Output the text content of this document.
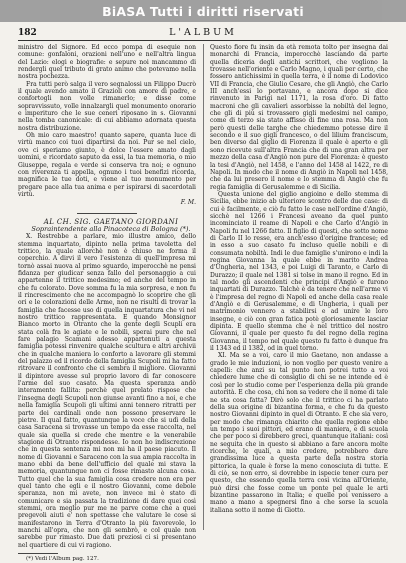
BiASA Tutti i diritti riservati
182	L'ALBUM

ministro del Signore. Ed ecco pompa di esequie non comune: gonfaloni, orazioni nell'uno e nell'altra lingua del Lazio: elogi e biografie: e sepure noi mancammo di rendergli quel tributo di grato animo che potevamo nella nostra pochezza.

Fra tutti però salga il vero segnalossi un Filippo Ducrò il quale avendo amato il Grazioli con amore di padre, e confortogli non volle rimanerlo; e disse come sopravvissuto, volle innalzargli quel monumento onorario e imperituro che le sue ceneri riposano in s. Giovanni nella tomba canonicale: di cui abbiamo adornata questa nostra distribuzione.

Oh mio caro maestro! quanto sapere, quanta luce di virtù manco coi tuoi dipartirsi da noi. Pur se nel cielo, ove ci speriamo giunto, è dolce l'essere amato dagli uomini, e ricordato saputo da essi, la tua memoria, o mio Giuseppe, regala e verde si conserva tra noi; e ognuno con riverenza ti appella, ognuno i tuoi benefizi ricorda, magnifica le tue doti, e viene al tuo monumento per pregare pace alla tua anima e per ispirarsi di sacerdotali virtù.

F. M.

AL CH. SIG. GAETANO GIORDANI

Sopraintendente alla Pinacoteca di Bologna (*).

X. Restrebbe a parlare, mio illustre amico, dello stemma inquartato, dipinto nella prima tavoletta del trittico, la quale allorchè non è chiuso ne forma il coperchio. A dirvi il vero l'esistenza di quell'impresa mi tornò assai nuova al primo sguardo, imperocchè ne pensi fidanza per giudicar senza fallo del personaggio a cui appartenne il trittico medesimo; ed anche del tempo in che fu colorato. Dove somma fu la mia sorpresa, e non fu il rincrescimento che ne accompagnò lo scoprire che gli ori e le colorazioni delle Arme, non ne risulti di trovar la famiglia che facesse uso di quella inquartatura che vi nel nostro trittico rappresentata. E quando Monsignor Bianco morto in Otranto che la gente degli Scupli era stata colà fra le agiate e le nobili, sperai pure che nel fare palagio Scamani adesso appartenuti a questa famiglia potessi rinvenire qualche scultura e altri archivii che in qualche maniera lo conforto a lavorare gli stemmi del palazzo ed il ricordo della famiglia Scupoli mi ha fatto ritrovare il confronto che ci sembra il migliore. Giovanni il dipintore avesse sul proprio lavoro di far conoscere l'arme del suo casato. Ma questa speranza andò interamente fallita: perchè quel prelato rispose che l'insegna degli Scupoli non giunse avanti fino a noi, e che nella famiglia Scupoli gli ultimi anni tennero ritratti per parte dei cardinali onde non possono preservare le pietre. Il qual fatto, quantunque la voce che si udì della casa Saracena si trovasse un tempo da esse raccolta, nel quale sia quella si crede che mentre e la venerabile stagione di Otranto rispondesse. Io non ho indiscrezione che in questa sentenza mi non mi ha il paese piacuto. Il nome di Giovanni e Saraceno con la sua ampia raccolta in mano ebbi da bene dell'ufficio del quale mi stava la memoria, quantunque non ci fosse rimasto alcuna cosa. Tutto quel che la sua famiglia cosa credere non era per quel tanto che egli e il nostro Giovanni, come debole speranza, non mi avete, non invece mi è stato di comunicare e sia passata la tradizione di dare quei così stemmi, ora meglio pur me ne parve come che a quei pregevoli aiuti e' non spettasse che valutare le cose si manifestarono in Terra d'Otranto la più favorevole, lo manchi all'opra, che non gli sembrò, e col quale non sarebbe pur rimasto. Due dati preziosi ci si presentano nel quartiere di cui vi ragiono.

(*) Vedi l'Album pag. 127.

Questo fiore fu insin da età remota tolto per insegna dai monarchi di Francia, imperocchè lasciando da parte quella diceria degli antichi scrittori, che vogliono la trovasse nell'oriente e Carlo Magno, i quali per certo, che fossero antichissimi in quella terra, è il nome di Lodovico VII di Francia, che Giulio Cesare, che gli Angiò, che Carlo III anch'essi lo portavano, e ancora dopo si dice rinvenuto in Parigi nel 1171, la rosa d'oro. Di fatto macroni che gli cavalieri assorbisse la nobiltà del legno, che gli di più si trovassero gigli medesimi nel campo, come di terzo sia stato affisso di fine una rosa. Ma non però questi delle targhe che chiedemmo potesse dire il secondo e il suo gigli francesco, o del lilium franciscum, ben diverso dal giglio di Fiorenza il quale è aperto e gli sono ricevute sull'altra Francia che di una gran altra per mezzo della casa d'Angiò non pure del Fiorenza: è questo la tesi d'Angiò, nel 1458, e l'anno del 1458 al 1422, re di Napoli. In modo che il nome di Angiò in Napoli nel 1458, che da lui presero il nome e lo stemma di Angiò che fu regia famiglia di Gerusalemme e di Sicilia.

Questa unione del giglio angioino e dello stemma di Sicilia, ebbe inizio ab ulteriore scontro delle due case: di cui è facilmente, e ciò fu fatto le case nell'ordine d'Angiò, sicchè nel 1266 i Francesi aveano da quel punto incominciato il reame di Napoli e che Carlo d'Angiò in Napoli fu nel 1266 fatto. Il figlio di questi, che sotto nome di Carlo II lo resse, era anch'esso d'origine francese; ed in esso a suo casato fu incluso quelle nobili e di consumata nobiltà. Indi le due famiglie s'unirono e indi la regina Giovanna la quale ebbe in marito Andrea d'Ungheria, nel 1343, e poi Luigi di Taranto, e Carlo di Durazzo; il quale nel 1381 si tolse in mano il regno. Ed in tal modo gli ascendenti che principi d'Angiò e furono inquartati di Durazzo. Talchè è da tenere che nell'arme vi è l'impresa del regno di Napoli ed anche della casa reale d'Angiò e di Gerusalemme, e di Ungheria, i quali per matrimonio vennero a stabilirsi e ad unire le loro insegne, e ciò con gran fatica potè gloriosamente lasciar dipinta. E quello stemma che è nel trittico del nostro Giovanni, il quale per questo fu del regno della regina Giovanna, il tempo nel quale questo fu fatto è dunque fra il 1343 ed il 1382, od in quel torno.

XI. Ma se a voi, caro il mio Gaetano, non andasse a grado le mie induzioni, io non voglio per questo venire a capelli: che anzi su tal punto non potrei tutto a voi chiedere lume che di consiglio di chi se ne intende ed è così per lo studio come per l'esperienza della più grande autorità. E che cosa, chi non sa vedere che il nome di tale ne sta cosa fatta? Dirò solo che il trittico ci ha parlato della sua origine di bizantina forma, e che fu da questo nostro Giovanni dipinto in quel di Otranto. E che sia vero, per modo che rimanga chiarito che quella regione ebbe un tempo i suoi pittori, ed erano di maniera, e di scuola che per poco si direbbero greci, quantunque italiani: così ne seguita che in questo si abbiano a fare ancora molte ricerche, le quali, a mio credere, potrebbero dare grandissima luce a questa parte della nostra storia pittorica, la quale è forse la meno conosciuta di tutte. E di ciò, se non erro, si dovrebbe in ispecie tener cura per questo, che essendo quella terra così vicina all'Oriente, può dirsi che fosse come un ponte pel quale le arti bizantine passarono in Italia; e quelle poi venissero a mano a mano a spegnersi fino a che sorse la scuola italiana sotto il nome di Giotto.
